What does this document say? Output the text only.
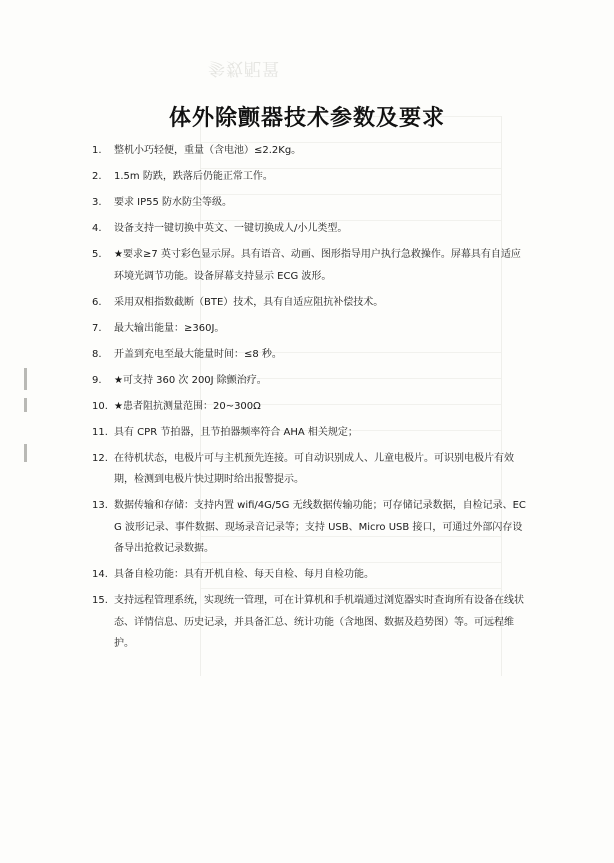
参数配置
体外除颤器技术参数及要求
1.	整机小巧轻便，重量（含电池）≤2.2Kg。
2.	1.5m 防跌，跌落后仍能正常工作。
3.	要求 IP55 防水防尘等级。
4.	设备支持一键切换中英文、一键切换成人/小儿类型。
5.	★要求≥7 英寸彩色显示屏。具有语音、动画、图形指导用户执行急救操作。屏幕具有自适应环境光调节功能。设备屏幕支持显示 ECG 波形。
6.	采用双相指数截断（BTE）技术，具有自适应阻抗补偿技术。
7.	最大输出能量：≥360J。
8.	开盖到充电至最大能量时间：≤8 秒。
9.	★可支持 360 次 200J 除颤治疗。
10. ★患者阻抗测量范围：20~300Ω
11. 具有 CPR 节拍器，且节拍器频率符合 AHA 相关规定；
12. 在待机状态，电极片可与主机预先连接。可自动识别成人、儿童电极片。可识别电极片有效期，检测到电极片快过期时给出报警提示。
13. 数据传输和存储：支持内置 wifi/4G/5G 无线数据传输功能；可存储记录数据，自检记录、ECG 波形记录、事件数据、现场录音记录等；支持 USB、Micro USB 接口，可通过外部闪存设备导出抢救记录数据。
14. 具备自检功能：具有开机自检、每天自检、每月自检功能。
15. 支持远程管理系统，实现统一管理，可在计算机和手机端通过浏览器实时查询所有设备在线状态、详情信息、历史记录，并具备汇总、统计功能（含地图、数据及趋势图）等。可远程维护。
